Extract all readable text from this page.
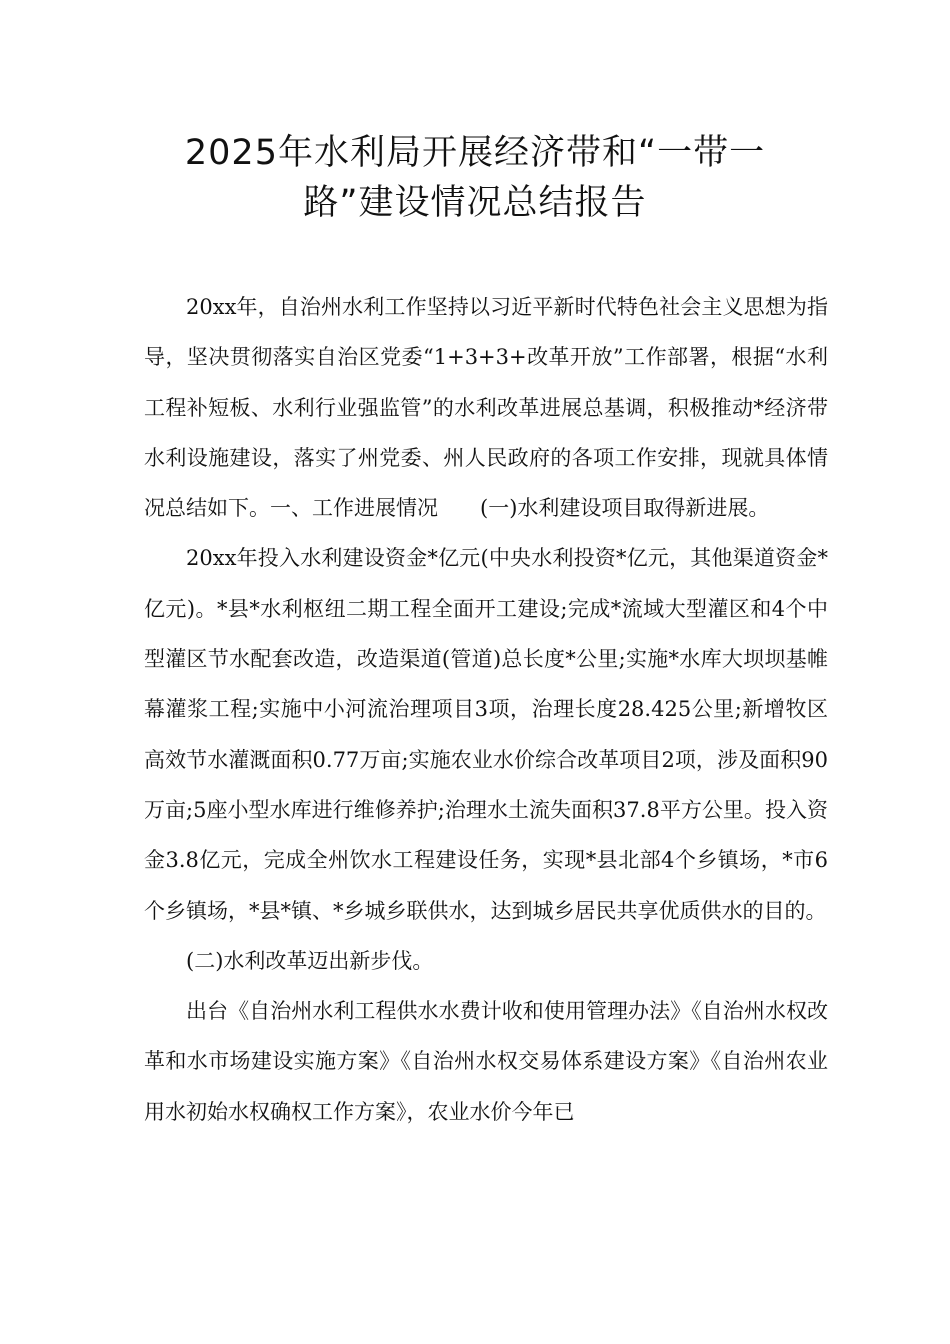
2025年水利局开展经济带和“一带一
路”建设情况总结报告

20xx年，自治州水利工作坚持以习近平新时代特色社会主义思想为指导，坚决贯彻落实自治区党委“1+3+3+改革开放”工作部署，根据“水利工程补短板、水利行业强监管”的水利改革进展总基调，积极推动*经济带水利设施建设，落实了州党委、州人民政府的各项工作安排，现就具体情况总结如下。一、工作进展情况　　(一)水利建设项目取得新进展。

20xx年投入水利建设资金*亿元(中央水利投资*亿元，其他渠道资金*亿元)。*县*水利枢纽二期工程全面开工建设;完成*流域大型灌区和4个中型灌区节水配套改造，改造渠道(管道)总长度*公里;实施*水库大坝坝基帷幕灌浆工程;实施中小河流治理项目3项，治理长度28.425公里;新增牧区高效节水灌溉面积0.77万亩;实施农业水价综合改革项目2项，涉及面积90万亩;5座小型水库进行维修养护;治理水土流失面积37.8平方公里。投入资金3.8亿元，完成全州饮水工程建设任务，实现*县北部4个乡镇场，*市6个乡镇场，*县*镇、*乡城乡联供水，达到城乡居民共享优质供水的目的。

(二)水利改革迈出新步伐。

出台《自治州水利工程供水水费计收和使用管理办法》《自治州水权改革和水市场建设实施方案》《自治州水权交易体系建设方案》《自治州农业用水初始水权确权工作方案》，农业水价今年已
